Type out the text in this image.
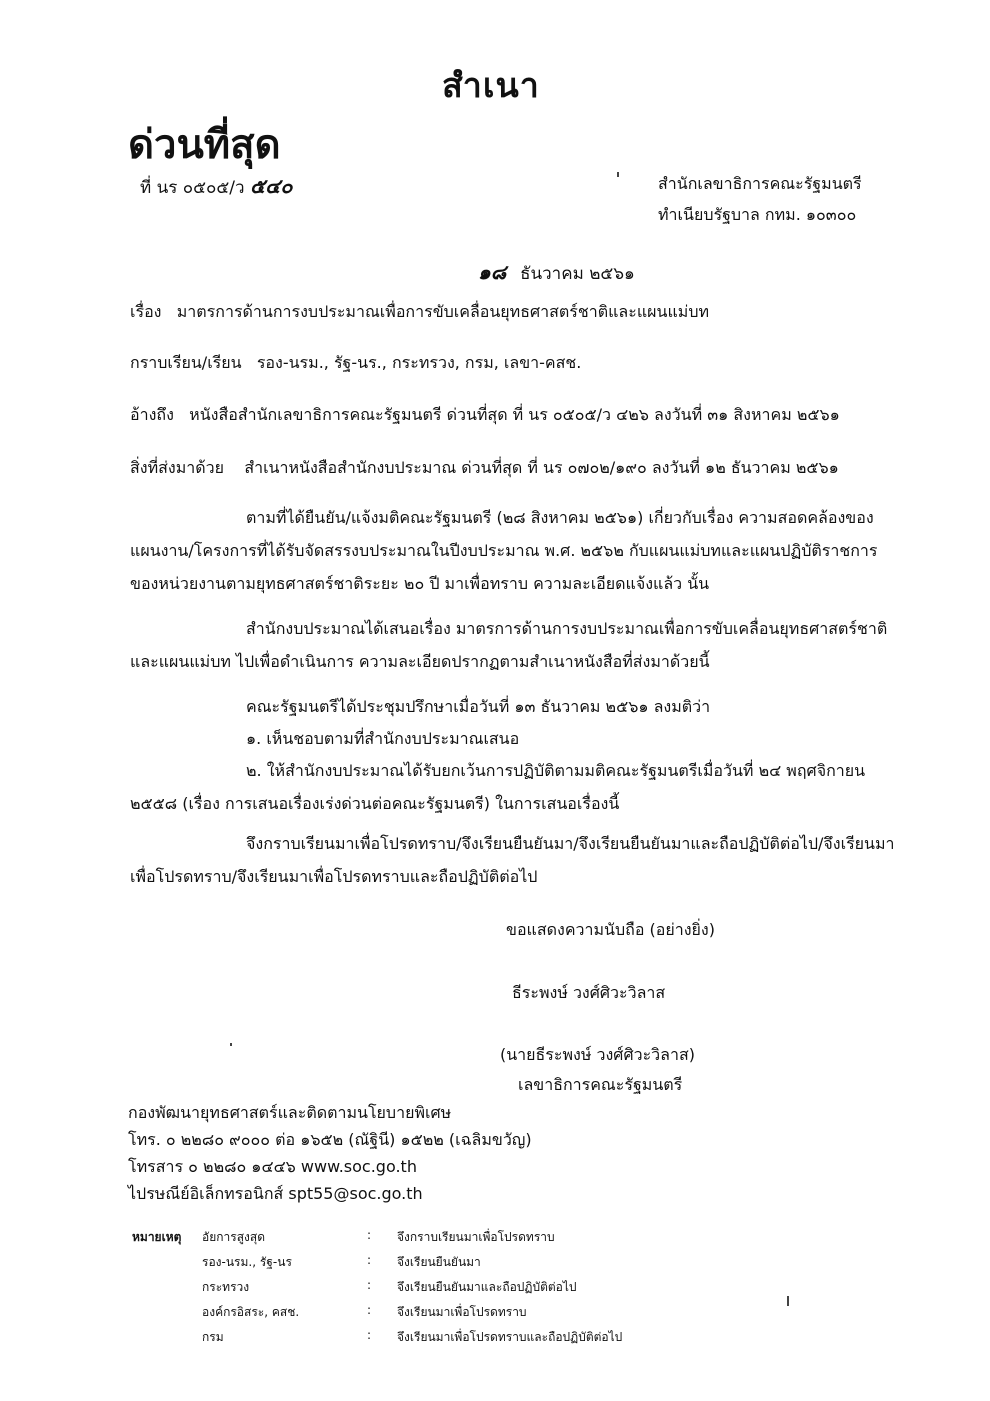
สำเนา
ด่วนที่สุด
ที่ นร ๐๕๐๕/ว ๕๔๐	สำนักเลขาธิการคณะรัฐมนตรี
ทำเนียบรัฐบาล กทม. ๑๐๓๐๐
๑๘ ธันวาคม ๒๕๖๑
เรื่อง มาตรการด้านการงบประมาณเพื่อการขับเคลื่อนยุทธศาสตร์ชาติและแผนแม่บท
กราบเรียน/เรียน รอง-นรม., รัฐ-นร., กระทรวง, กรม, เลขา-คสช.
อ้างถึง หนังสือสำนักเลขาธิการคณะรัฐมนตรี ด่วนที่สุด ที่ นร ๐๕๐๕/ว ๔๒๖ ลงวันที่ ๓๑ สิงหาคม ๒๕๖๑
สิ่งที่ส่งมาด้วย สำเนาหนังสือสำนักงบประมาณ ด่วนที่สุด ที่ นร ๐๗๐๒/๑๙๐ ลงวันที่ ๑๒ ธันวาคม ๒๕๖๑
ตามที่ได้ยืนยัน/แจ้งมติคณะรัฐมนตรี (๒๘ สิงหาคม ๒๕๖๑) เกี่ยวกับเรื่อง ความสอดคล้องของแผนงาน/โครงการที่ได้รับจัดสรรงบประมาณในปีงบประมาณ พ.ศ. ๒๕๖๒ กับแผนแม่บทและแผนปฏิบัติราชการของหน่วยงานตามยุทธศาสตร์ชาติระยะ ๒๐ ปี มาเพื่อทราบ ความละเอียดแจ้งแล้ว นั้น
สำนักงบประมาณได้เสนอเรื่อง มาตรการด้านการงบประมาณเพื่อการขับเคลื่อนยุทธศาสตร์ชาติและแผนแม่บท ไปเพื่อดำเนินการ ความละเอียดปรากฏตามสำเนาหนังสือที่ส่งมาด้วยนี้
คณะรัฐมนตรีได้ประชุมปรึกษาเมื่อวันที่ ๑๓ ธันวาคม ๒๕๖๑ ลงมติว่า
๑. เห็นชอบตามที่สำนักงบประมาณเสนอ
๒. ให้สำนักงบประมาณได้รับยกเว้นการปฏิบัติตามมติคณะรัฐมนตรีเมื่อวันที่ ๒๔ พฤศจิกายน ๒๕๕๘ (เรื่อง การเสนอเรื่องเร่งด่วนต่อคณะรัฐมนตรี) ในการเสนอเรื่องนี้
จึงกราบเรียนมาเพื่อโปรดทราบ/จึงเรียนยืนยันมา/จึงเรียนยืนยันมาและถือปฏิบัติต่อไป/จึงเรียนมาเพื่อโปรดทราบ/จึงเรียนมาเพื่อโปรดทราบและถือปฏิบัติต่อไป
ขอแสดงความนับถือ (อย่างยิ่ง)
ธีระพงษ์ วงศ์ศิวะวิลาส
(นายธีระพงษ์ วงศ์ศิวะวิลาส)
เลขาธิการคณะรัฐมนตรี
กองพัฒนายุทธศาสตร์และติดตามนโยบายพิเศษ
โทร. ๐ ๒๒๘๐ ๙๐๐๐ ต่อ ๑๖๕๒ (ณัฐินี) ๑๕๒๒ (เฉลิมขวัญ)
โทรสาร ๐ ๒๒๘๐ ๑๔๔๖ www.soc.go.th
ไปรษณีย์อิเล็กทรอนิกส์ spt55@soc.go.th
หมายเหตุ	อัยการสูงสุด	:	จึงกราบเรียนมาเพื่อโปรดทราบ
	รอง-นรม., รัฐ-นร	:	จึงเรียนยืนยันมา
	กระทรวง	:	จึงเรียนยืนยันมาและถือปฏิบัติต่อไป
	องค์กรอิสระ, คสช.	:	จึงเรียนมาเพื่อโปรดทราบ
	กรม	:	จึงเรียนมาเพื่อโปรดทราบและถือปฏิบัติต่อไป
